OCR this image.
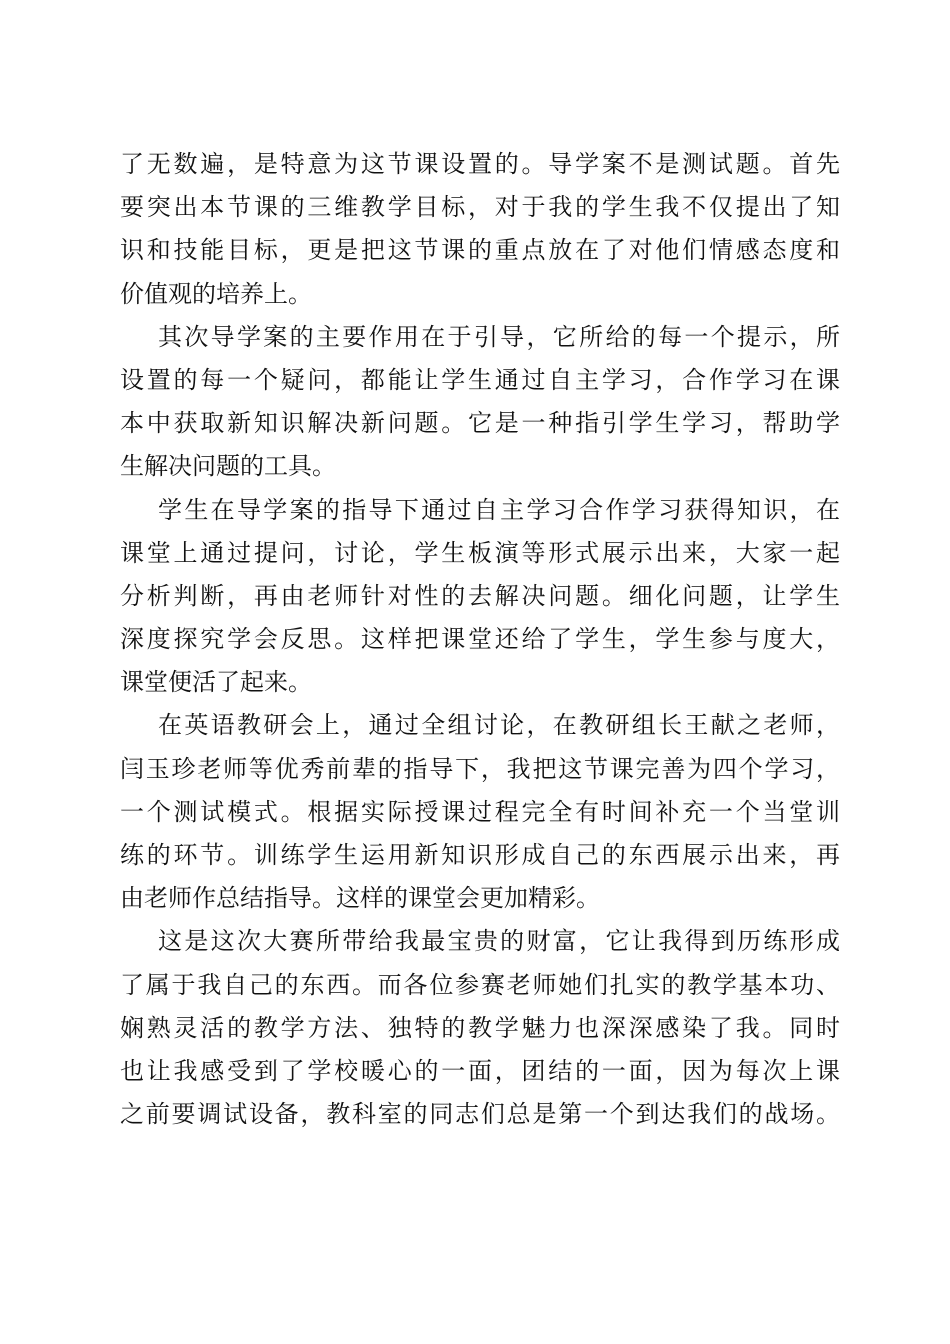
了无数遍，是特意为这节课设置的。导学案不是测试题。首先
要突出本节课的三维教学目标，对于我的学生我不仅提出了知
识和技能目标，更是把这节课的重点放在了对他们情感态度和
价值观的培养上。
其次导学案的主要作用在于引导，它所给的每一个提示，所
设置的每一个疑问，都能让学生通过自主学习，合作学习在课
本中获取新知识解决新问题。它是一种指引学生学习，帮助学
生解决问题的工具。
学生在导学案的指导下通过自主学习合作学习获得知识，在
课堂上通过提问，讨论，学生板演等形式展示出来，大家一起
分析判断，再由老师针对性的去解决问题。细化问题，让学生
深度探究学会反思。这样把课堂还给了学生，学生参与度大，
课堂便活了起来。
在英语教研会上，通过全组讨论，在教研组长王献之老师，
闫玉珍老师等优秀前辈的指导下，我把这节课完善为四个学习，
一个测试模式。根据实际授课过程完全有时间补充一个当堂训
练的环节。训练学生运用新知识形成自己的东西展示出来，再
由老师作总结指导。这样的课堂会更加精彩。
这是这次大赛所带给我最宝贵的财富，它让我得到历练形成
了属于我自己的东西。而各位参赛老师她们扎实的教学基本功、
娴熟灵活的教学方法、独特的教学魅力也深深感染了我。同时
也让我感受到了学校暖心的一面，团结的一面，因为每次上课
之前要调试设备，教科室的同志们总是第一个到达我们的战场。
